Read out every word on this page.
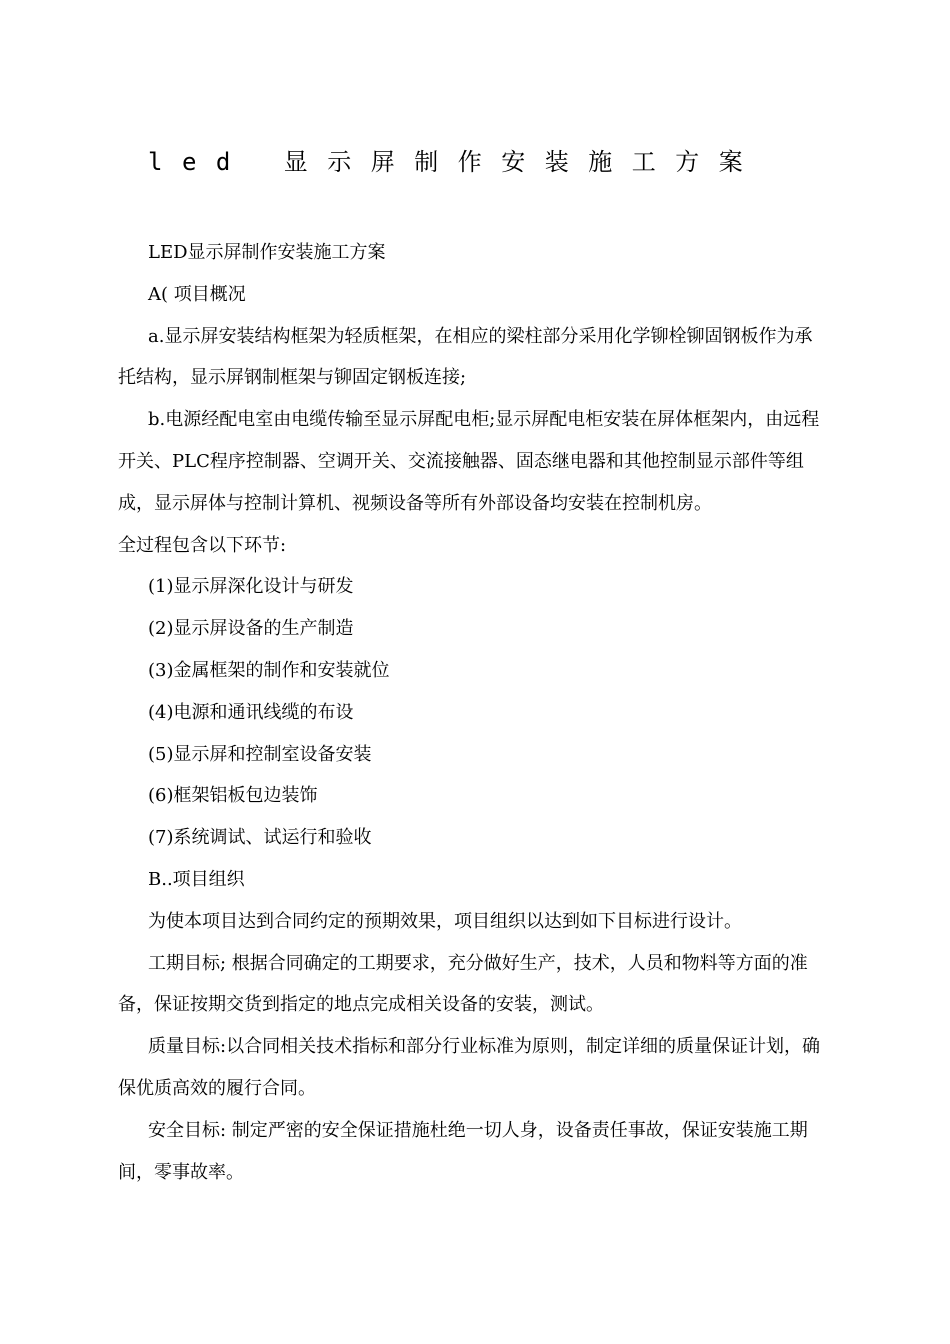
led 显示屏制作安装施工方案

LED显示屏制作安装施工方案

A( 项目概况

a.显示屏安装结构框架为轻质框架，在相应的梁柱部分采用化学铆栓铆固钢板作为承托结构，显示屏钢制框架与铆固定钢板连接;

b.电源经配电室由电缆传输至显示屏配电柜;显示屏配电柜安装在屏体框架内，由远程开关、PLC程序控制器、空调开关、交流接触器、固态继电器和其他控制显示部件等组成，显示屏体与控制计算机、视频设备等所有外部设备均安装在控制机房。

全过程包含以下环节:

(1)显示屏深化设计与研发

(2)显示屏设备的生产制造

(3)金属框架的制作和安装就位

(4)电源和通讯线缆的布设

(5)显示屏和控制室设备安装

(6)框架铝板包边装饰

(7)系统调试、试运行和验收

B..项目组织

为使本项目达到合同约定的预期效果，项目组织以达到如下目标进行设计。

工期目标; 根据合同确定的工期要求，充分做好生产，技术，人员和物料等方面的准备，保证按期交货到指定的地点完成相关设备的安装，测试。

质量目标:以合同相关技术指标和部分行业标准为原则，制定详细的质量保证计划，确保优质高效的履行合同。

安全目标: 制定严密的安全保证措施杜绝一切人身，设备责任事故，保证安装施工期间，零事故率。
